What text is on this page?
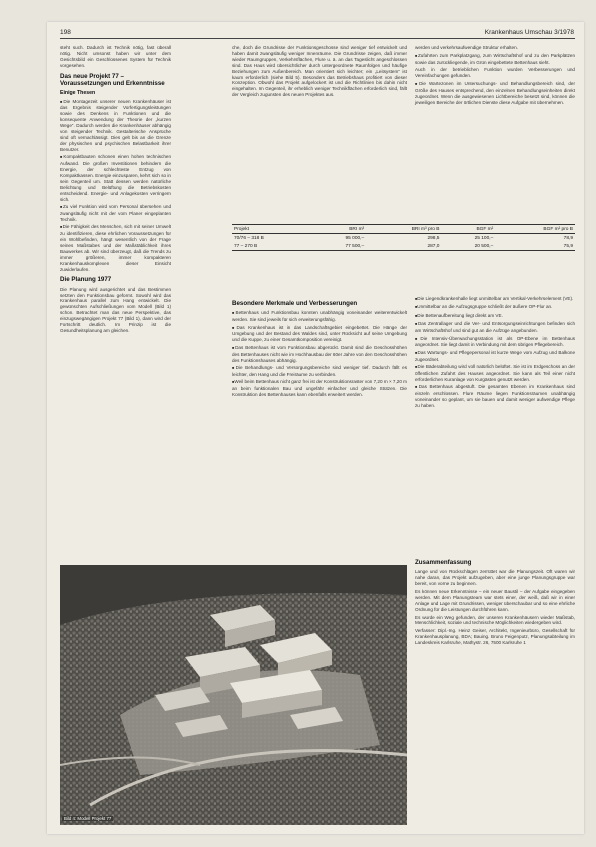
198	Krankenhaus Umschau 3/1978

steht such. Dadurch ist Technik nötig, fast überall nötig. Nicht umsonst haben wir unter dem Gesichtsbild ein Geschlossenes System für Technik vorgesehen.

Das neue Projekt 77 – Voraussetzungen und Erkenntnisse
Einige Thesen
■ Die Montagezeit unserer neuen Krankenhäuser ist das Ergebnis steigender Vorfertigungsleistungen sowie des Denkens in Funktionen und die konsequente Anwendung der Theorie der „kurzen Wege“. Dadurch werden die Krankenhäuser abhängig von steigender Technik. Gestalterische Ansprüche sind oft vernachlässigt. Dies gelt bis an die Grenze der physischen und psychischen Belastbarkeit ihrer Benutzer.
■ Kompaktbauten schonen einen hohen technischen Aufwand. Die großen Investitionen behindern die Energie, der schlechteste Entzug von Kompaktkassen. Energie einzusparen, kehrt sich so in sein Gegenteil um. Statt dessen werden natürliche Belichtung und Belüftung die Betriebskosten entscheidend. Energie- und Anlagekosten verringern sich.
■ Zu viel Funktion wird vom Personal übersehen und zwangsläufig nicht mit der vom Planer eingeplanten Technik.
■ Die Fähigkeit des Menschen, sich mit seiner Umwelt zu identifizieren, diese ehrlichen Voraussetzungen für ein Wohlbefinden, hängt wesentlich von der Frage seines Maßstabes und der Maßstäblichkeit ihres Bauwerkes ab. Wir sind überzeugt, daß die Trends zu immer größeren, immer kompakteren Krankenhauskomplexen dieser Einsicht zuwiderlaufen.
Die Planung 1977

Die Planung wird ausgerichtet und das Bestimmen setzten den Funktionsbau geformt. Sowohl wird das Krankenhaus parallel zum Hang entwickelt. Die gewünschten Aufschließungen vom Modell (Bild 1) schon. Betrachtet man das neue Perspektive, das einzugswegängigen Projekt 77 (Bild 1), dann wird der Fortschritt deutlich. Im Prinzip ist die Gesundheitsplanung am gleichen.

che, doch die Grundrisse der Funktionsgeschosse sind weniger tief entwickelt und haben damit zwangsläufig weniger Innenräume. Die Grundrisse zeigen, daß immer wieder Raumgruppen, Verkehrsflächen, Flure u. ä. an das Tageslicht angeschlossen sind. Das Haus wird übersichtlicher durch untergeordnete Raumfolgen und häufige Beziehungen zum Außenbereich. Man orientiert sich leichter; ein „Leitsystem“ ist kaum erforderlich (siehe Bild 5). Besonders das Betriebshaus profitiert von dieser Konzeption. Obwohl das Projekt aufgelockert ist und die Richtlinien bis dahin nicht eingehalten. Im Gegenteil, ihr erheblich weniger Technikflächen erforderlich sind, fällt der Vergleich zugunsten des neuen Projektes aus.

werden und verkehrsaufwendige Struktur erhalten.

■ Zufahrten zum Parkplatzgang, zum Wirtschaftshof und zu den Parkplätzen sowie das zurückliegende, im Grün eingebettete Bettenhaus sieht.

Auch in der betrieblichen Funktion wurden Verbesserungen und Vereinfachungen gefunden.

■ Die Wartezonen im Untersuchungs- und Behandlungsbereich sind, der Größe des Hauses entsprechend, den einzelnen Behandlungseinheiten direkt zugeordnet. Wenn die ausgewiesenen Lichtbereiche besetzt sind, können die jeweiligen Bereiche der örtlichen Dienste diese Aufgabe mit übernehmen.
Projekt	BRI m³	BRI m³ pro B	BGF m²	BGF m² pro B
70/76 – 318 B	95 000,–	298,5	25 100,–	78,9
77 – 270 B	77 500,–	287,0	20 500,–	75,9
Besondere Merkmale und Verbesserungen
■ Bettenhaus und Funktionsbau konnten unabhängig voneinander weiterentwickelt werden. Sie sind jeweils für sich erweiterungsfähig.
■ Das Krankenhaus ist in das Landschaftsgebiet eingebettet. Die Hänge der Umgebung und der Bestand des Waldes sind, unter Rücksicht auf seine Umgebung und die Kuppe, zu einer Gesamtkomposition vereinigt.
■ Das Bettenhaus ist vom Funktionsbau abgerückt. Damit sind die Geschosshöhen des Bettenhauses nicht wie im Hochhausbau der 60er Jahre von den Geschosshöhen des Funktionshauses abhängig.
■ Die Behandlungs- und Versorgungsbereiche sind weniger tief. Dadurch fällt es leichter, den Hang und die Freiräume zu verbinden.
■ Weil beim Bettenhaus nicht ganz frei ist der Konstruktionsraster von 7,20 m × 7,20 m an beim funktionalen Bau und ungefähr einfacher und gleiche Stützen. Die Konstruktion des Bettenhauses kann ebenfalls erweitert werden.
■ Die Liegendkrankenhalle liegt unmittelbar am Vertikal-Verkehrselement (VE).
■ Unmittelbar an die Aufzugsgruppe schließt der äußere OP-Flur an.
■ Die Bettenaufbereitung liegt direkt am VE.
■ Das Zentrallager und die Ver- und Entsorgungseinrichtungen befinden sich am Wirtschaftshof und sind gut an die Aufzüge angebunden.
■ Die Intensiv-Überwachungsstation ist als OP-Ebene im Bettenhaus angeordnet. Sie liegt damit in Verbindung mit dem übrigen Pflegebereich.
■ Das Wartungs- und Pflegepersonal ist kurze Wege vom Aufzug und Balkone zugeordnet.
■ Die Bäderabteilung wird voll natürlich belüftet. Sie ist im Erdgeschoss an der öffentlichen Zufahrt des Hauses angeordnet. Sie kann als Teil einer nicht erforderlichen Kuranlage von Kurgästen genutzt werden.
■ Das Bettenhaus abgestuft. Die gesamten Ebenen im Krankenhaus sind einzeln erschlossen. Flure Räume liegen Funktionsräumen unabhängig voneinander so geplant, um sie bauen und damit weniger aufwendige Pflege zu haben.
Zusammenfassung

Lange und von Rückschlägen zerrüttet war die Planungszeit. Oft waren wir nahe daran, das Projekt aufzugeben, aber eine junge Planungsgruppe war bereit, von vorne zu beginnen.

Es können neue Erkenntnisse – ein neuer Baustil – der Aufgabe eingegeben werden. Mit dem Planungsteam war stets einer, der weiß, daß wir in einer Anlage und Lage mit Grundrissen, weniger überschaubar und so eine ehrliche Ordnung für die Leistungen durchführen kann.

Es wurde ein Weg gefunden, der unseren Krankenhäusern wieder Maßstab, Menschlichkeit, soziale und technische Möglichkeiten wiedergeben wird.

Verfasser: Dipl.-Ing. Heinz Geiser, Architekt, Ingenieurbüro, Gesellschaft für Krankenhausplanung, BDA; Bauing. Bruno Feigenputz, Planungsabteilung im Landeskreis Karlsruhe, Mathystr. 26, 7500 Karlsruhe 1

Bild 4: Modell Projekt 77
